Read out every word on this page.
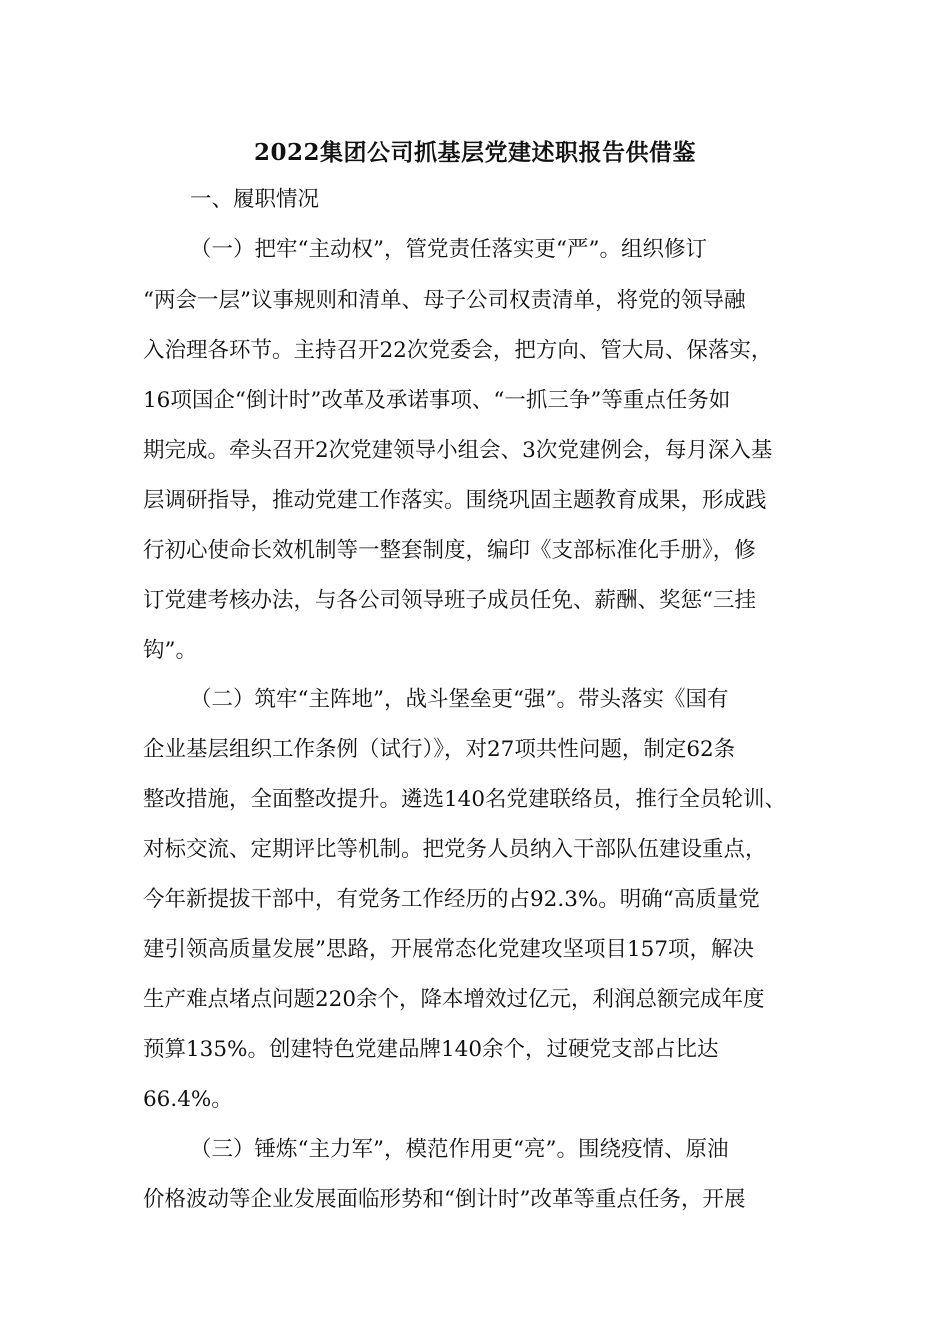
2022集团公司抓基层党建述职报告供借鉴
一、履职情况
（一）把牢“主动权”，管党责任落实更“严”。组织修订
“两会一层”议事规则和清单、母子公司权责清单，将党的领导融
入治理各环节。主持召开22次党委会，把方向、管大局、保落实，
16项国企“倒计时”改革及承诺事项、“一抓三争”等重点任务如
期完成。牵头召开2次党建领导小组会、3次党建例会，每月深入基
层调研指导，推动党建工作落实。围绕巩固主题教育成果，形成践
行初心使命长效机制等一整套制度，编印《支部标准化手册》，修
订党建考核办法，与各公司领导班子成员任免、薪酬、奖惩“三挂
钩”。
（二）筑牢“主阵地”，战斗堡垒更“强”。带头落实《国有
企业基层组织工作条例（试行）》，对27项共性问题，制定62条
整改措施，全面整改提升。遴选140名党建联络员，推行全员轮训、
对标交流、定期评比等机制。把党务人员纳入干部队伍建设重点，
今年新提拔干部中，有党务工作经历的占92.3%。明确“高质量党
建引领高质量发展”思路，开展常态化党建攻坚项目157项，解决
生产难点堵点问题220余个，降本增效过亿元，利润总额完成年度
预算135%。创建特色党建品牌140余个，过硬党支部占比达
66.4%。
（三）锤炼“主力军”，模范作用更“亮”。围绕疫情、原油
价格波动等企业发展面临形势和“倒计时”改革等重点任务，开展
